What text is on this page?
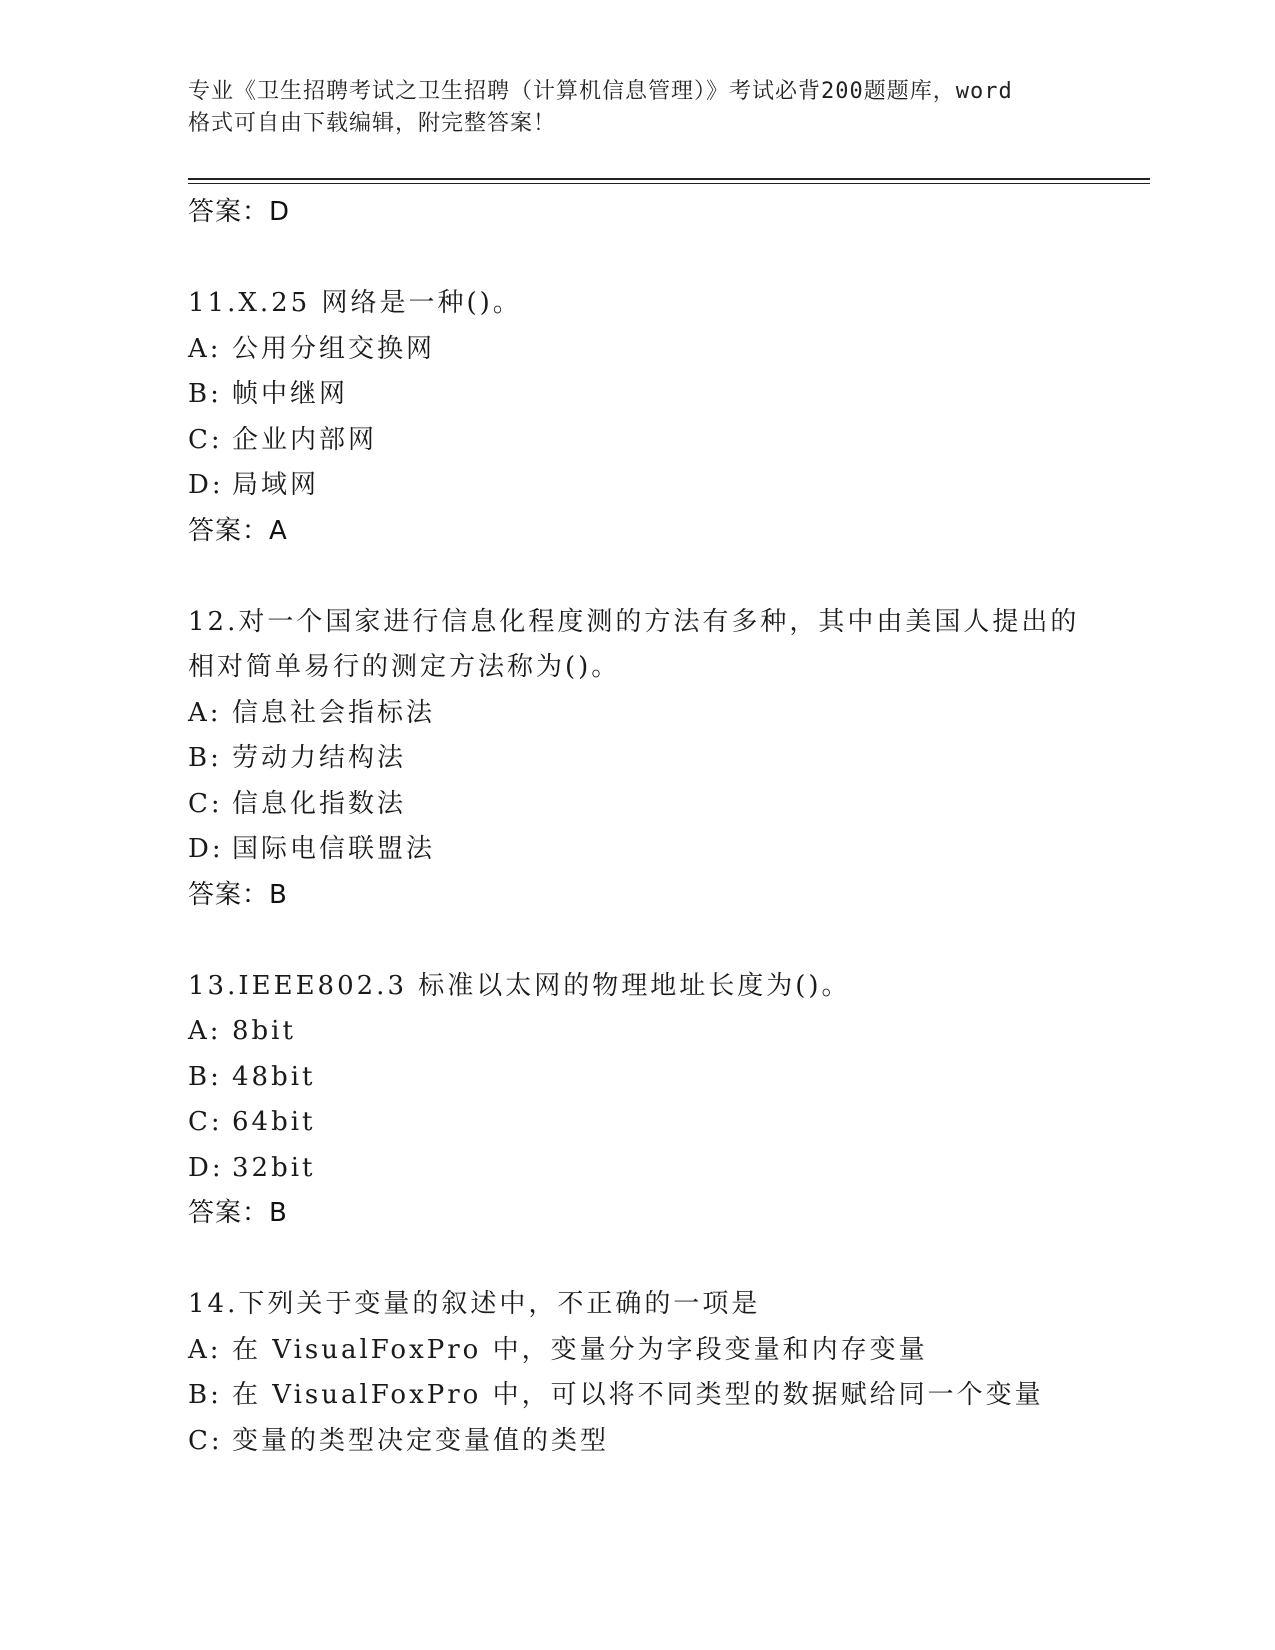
专业《卫生招聘考试之卫生招聘（计算机信息管理）》考试必背200题题库，word
格式可自由下载编辑，附完整答案！
答案：D
11.X.25 网络是一种()。
A: 公用分组交换网
B: 帧中继网
C: 企业内部网
D: 局域网
答案：A
12.对一个国家进行信息化程度测的方法有多种，其中由美国人提出的
相对简单易行的测定方法称为()。
A: 信息社会指标法
B: 劳动力结构法
C: 信息化指数法
D: 国际电信联盟法
答案：B
13.IEEE802.3 标准以太网的物理地址长度为()。
A: 8bit
B: 48bit
C: 64bit
D: 32bit
答案：B
14.下列关于变量的叙述中，不正确的一项是
A: 在 VisualFoxPro 中，变量分为字段变量和内存变量
B: 在 VisualFoxPro 中，可以将不同类型的数据赋给同一个变量
C: 变量的类型决定变量值的类型
